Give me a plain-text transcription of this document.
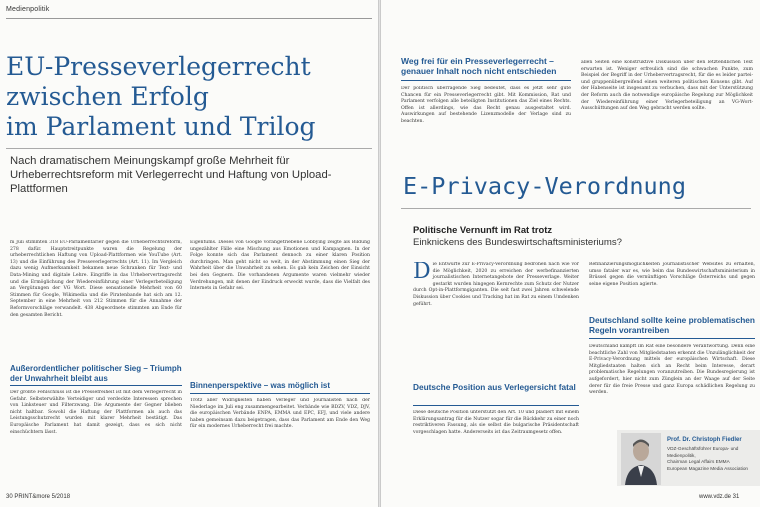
Medienpolitik
EU-Presseverlegerrecht
zwischen Erfolg
im Parlament und Trilog
Nach dramatischem Meinungskampf große Mehrheit für Urheberrechtsreform mit Verlegerrecht und Haftung von Upload-Plattformen
m Juli stimmten 318 EU-Parlamentarier gegen die Urheberrechtsreform, 278 dafür. Hauptstreitpunkte waren die Regelung der urheberrechtlichen Haftung von Upload-Plattformen wie YouTube (Art. 13) und die Einführung des Presseverlegerrechts (Art. 11). Im Vergleich dazu wenig Aufmerksamkeit bekamen neue Schranken für Text- und Data-Mining und digitale Lehre. Eingriffe in das Urhebervertragsrecht und die Ermöglichung der Wiedereinführung einer Verlegerbeteiligung an Vergütungen der VG Wort. Diese sensationelle Mehrheit von 60 Stimmen für Google, Wikimedia und die Piratenbande hat sich am 12. September in eine Mehrheit von 212 Stimmen für die Annahme der Reformvorschläge verwandelt. 438 Abgeordnete stimmten am Ende für den gesamten Bericht.
Außerordentlicher politischer Sieg – Triumph der Unwahrheit bleibt aus
Der größte Fehlschluss ist die Pressefreiheit ist mit dem Verlegerrecht in Gefahr. Selbsterwählte Verteidiger und verdeckte Interessen sprechen von Linksteuer und Filterzwang. Die Argumente der Gegner blieben nicht haltbar. Sowohl die Haftung der Plattformen als auch das Leistungsschutzrecht wurden mit klarer Mehrheit bestätigt. Das Europäische Parlament hat damit gezeigt, dass es sich nicht einschüchtern lässt.
Eigentums. Dieses von Google vorangetriebene Lobbying zeigte als Bildung ungezählter Fälle eine Mischung aus Emotionen und Kampagnen. In der Folge konnte sich das Parlament dennoch zu einer klaren Position durchringen. Man geht nicht so weit, in der Abstimmung einen Sieg der Wahrheit über die Unwahrheit zu sehen. Es gab kein Zeichen der Einsicht bei den Gegnern. Die vorhandenen Argumente waren vielmehr wieder Verdrehungen, mit denen der Eindruck erweckt wurde, dass die Vielfalt des Internets in Gefahr sei.
Binnenperspektive – was möglich ist
Trotz aller Widrigkeiten haben Verleger und Journalisten nach der Niederlage im Juli eng zusammengearbeitet. Verbände wie BDZV, VDZ, DJV, die europäischen Verbände ENPA, EMMA und EPC, EFJ, und viele andere haben gemeinsam dazu beigetragen, dass das Parlament am Ende den Weg für ein modernes Urheberrecht frei machte.
30 PRINT&more 5/2018
Weg frei für ein Presseverlegerrecht – genauer Inhalt noch nicht entschieden
Der politisch überragende Sieg bedeutet, dass es jetzt sehr gute Chancen für ein Presseverlegerrecht gibt. Mit Kommission, Rat und Parlament verfolgen alle beteiligten Institutionen das Ziel eines Rechts. Offen ist allerdings, wie das Recht genau ausgestaltet wird. Auswirkungen auf bestehende Lizenzmodelle der Verlage sind zu beachten.
allen Seiten eine konstruktive Diskussion über den letztendlichen Text erwarten ist. Weniger erfreulich sind die schwachen Punkte, zum Beispiel der Begriff in der Urhebervertragsrecht, für die es leider partei- und gruppenübergreifend einen weiteren politischen Konsens gibt. Auf der Habenseite ist insgesamt zu verbuchen, dass mit der Unterstützung der Reform auch die notwendige europäische Regelung zur Möglichkeit der Wiedereinführung einer Verlegerbeteiligung an VG-Wort-Ausschüttungen auf den Weg gebracht werden sollte.
E-Privacy-Verordnung
Politische Vernunft im Rat trotz
Einknickens des Bundeswirtschaftsministeriums?
Die Entwürfe zur E-Privacy-Verordnung bedrohen nach wie vor die Möglichkeit, 2020 zu erreichen der werbefinanzierten journalistischen Internetangebote der Presseverlage. Weiter gestarkt wurden hingegen Kernrechte zum Schutz der Nutzer durch Opt-in-Plattformgiganten. Die seit fast zwei Jahren schwelende Diskussion über Cookies und Tracking hat im Rat zu einem Umdenken geführt.
Deutsche Position aus Verlegersicht fatal
Diese deutsche Position unterstützt den Art. 10 und plädiert mit einem Erklärungsantrag für die Nutzer sogar für die Rückkehr zu einer noch restriktiveren Fassung, als sie selbst die bulgarische Präsidentschaft vorgeschlagen hatte. Andererseits ist das Zeitraumgesetz offen.
Refinanzierungsmöglichkeiten journalistischer Websites zu erhalten, umso fataler war es, wie beim das Bundeswirtschaftsministerium in Brüssel gegen die vernünftigen Vorschläge Österreichs und gegen seine eigene Position agierte.
Deutschland sollte keine problematischen Regeln vorantreiben
Deutschland kämpft im Rat eine besondere Verantwortung. Denn eine beachtliche Zahl von Mitgliedstaaten erkennt die Unzulänglichkeit der E-Privacy-Verordnung mittels der europäischen Wirtschaft. Diese Mitgliedstaaten halten sich an Recht beim Interesse, derart problematische Regelungen voranzutreiben. Die Bundesregierung ist aufgefordert, hier nicht zum Zünglein an der Waage auf der Seite derer für die freie Presse und ganz Europa schädlichen Regelung zu werden.
Prof. Dr. Christoph Fiedler
VDZ-Geschäftsführer Europa- und Medienpolitik,
Chairman Legal Affairs EMMA
European Magazine Media Association
www.vdz.de 31
